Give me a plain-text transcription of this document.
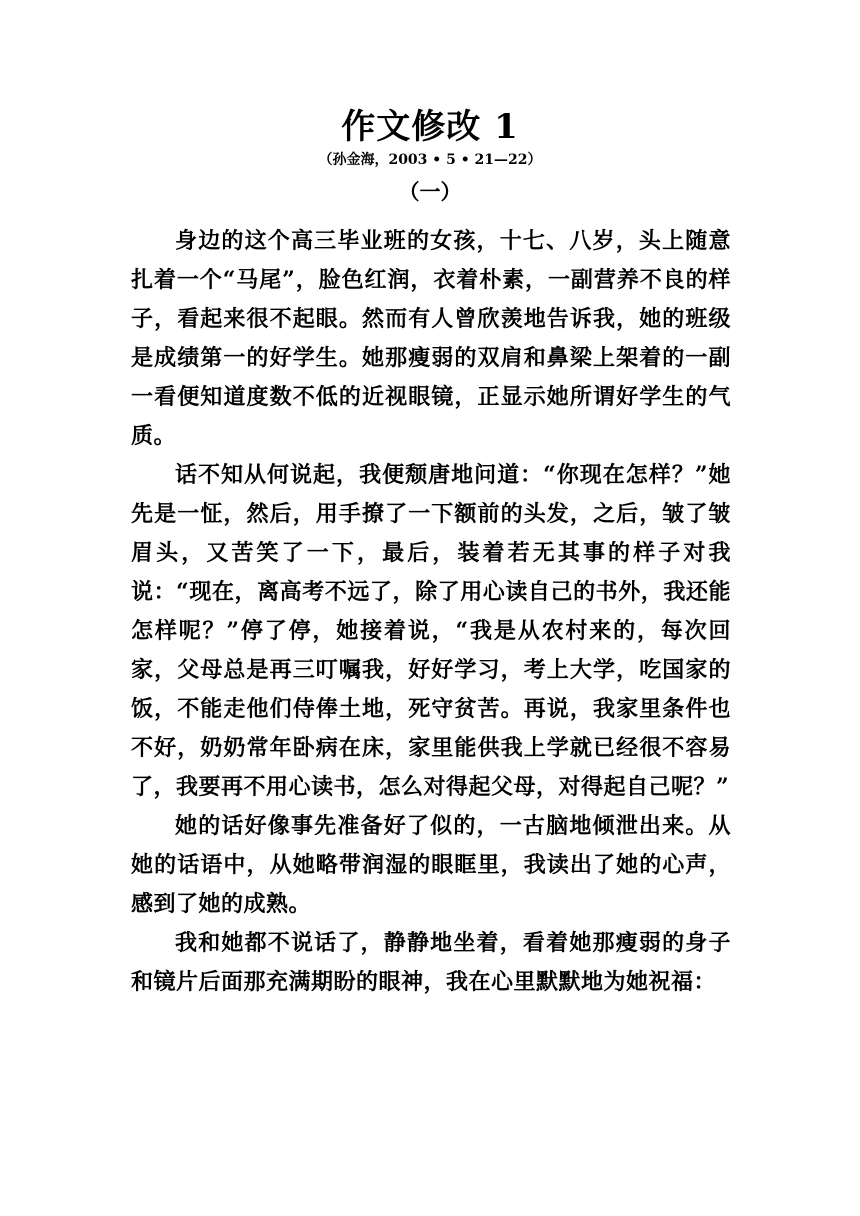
作文修改 1
（孙金海，2003 • 5 • 21—22）
（一）

身边的这个高三毕业班的女孩，十七、八岁，头上随意扎着一个“马尾”，脸色红润，衣着朴素，一副营养不良的样子，看起来很不起眼。然而有人曾欣羡地告诉我，她的班级是成绩第一的好学生。她那瘦弱的双肩和鼻梁上架着的一副一看便知道度数不低的近视眼镜，正显示她所谓好学生的气质。

话不知从何说起，我便颓唐地问道：“你现在怎样？”她先是一怔，然后，用手撩了一下额前的头发，之后，皱了皱眉头，又苦笑了一下，最后，装着若无其事的样子对我说：“现在，离高考不远了，除了用心读自己的书外，我还能怎样呢？”停了停，她接着说，“我是从农村来的，每次回家，父母总是再三叮嘱我，好好学习，考上大学，吃国家的饭，不能走他们侍俸土地，死守贫苦。再说，我家里条件也不好，奶奶常年卧病在床，家里能供我上学就已经很不容易了，我要再不用心读书，怎么对得起父母，对得起自己呢？”

她的话好像事先准备好了似的，一古脑地倾泄出来。从她的话语中，从她略带润湿的眼眶里，我读出了她的心声，感到了她的成熟。

我和她都不说话了，静静地坐着，看着她那瘦弱的身子和镜片后面那充满期盼的眼神，我在心里默默地为她祝福：
